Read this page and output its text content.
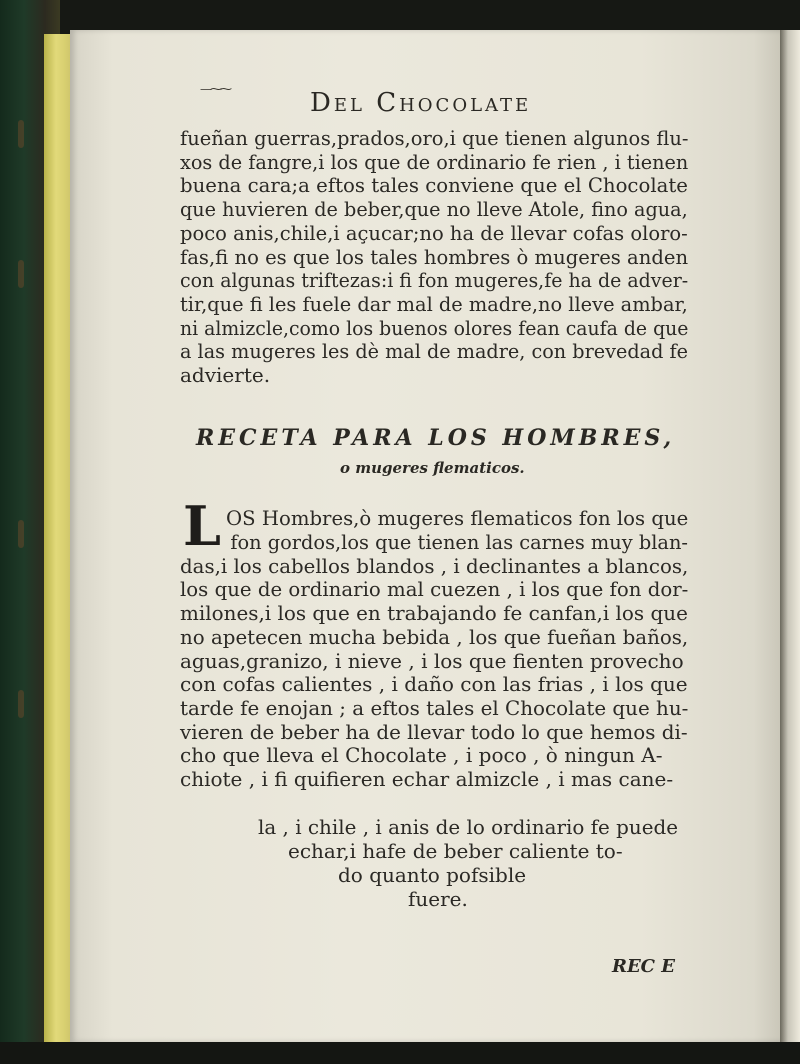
—⁓⁓	Del Chocolate
fueñan guerras,prados,oro,i que tienen algunos flu-
xos de fangre,i los que de ordinario fe rien , i tienen
buena cara;a eftos tales conviene que el Chocolate
que huvieren de beber,que no lleve Atole, fino agua,
poco anis,chile,i açucar;no ha de llevar cofas oloro-
fas,fi no es que los tales hombres ò mugeres anden
con algunas triftezas:i fi fon mugeres,fe ha de adver-
tir,que fi les fuele dar mal de madre,no lleve ambar,
ni almizcle,como los buenos olores fean caufa de que
a las mugeres les dè mal de madre, con brevedad fe
advierte.
RECETA PARA LOS HOMBRES,
o mugeres flematicos.
L OS Hombres,ò mugeres flematicos fon los que
fon gordos,los que tienen las carnes muy blan-
das,i los cabellos blandos , i declinantes a blancos,
los que de ordinario mal cuezen , i los que fon dor-
milones,i los que en trabajando fe canfan,i los que
no apetecen mucha bebida , los que fueñan baños,
aguas,granizo, i nieve , i los que fienten provecho
con cofas calientes , i daño con las frias , i los que
tarde fe enojan ; a eftos tales el Chocolate que hu-
vieren de beber ha de llevar todo lo que hemos di-
cho que lleva el Chocolate , i poco , ò ningun A-
chiote , i fi quifieren echar almizcle , i mas cane-
la , i chile , i anis de lo ordinario fe puede
echar,i hafe de beber caliente to-
do quanto pofsible
fuere.
REC E
